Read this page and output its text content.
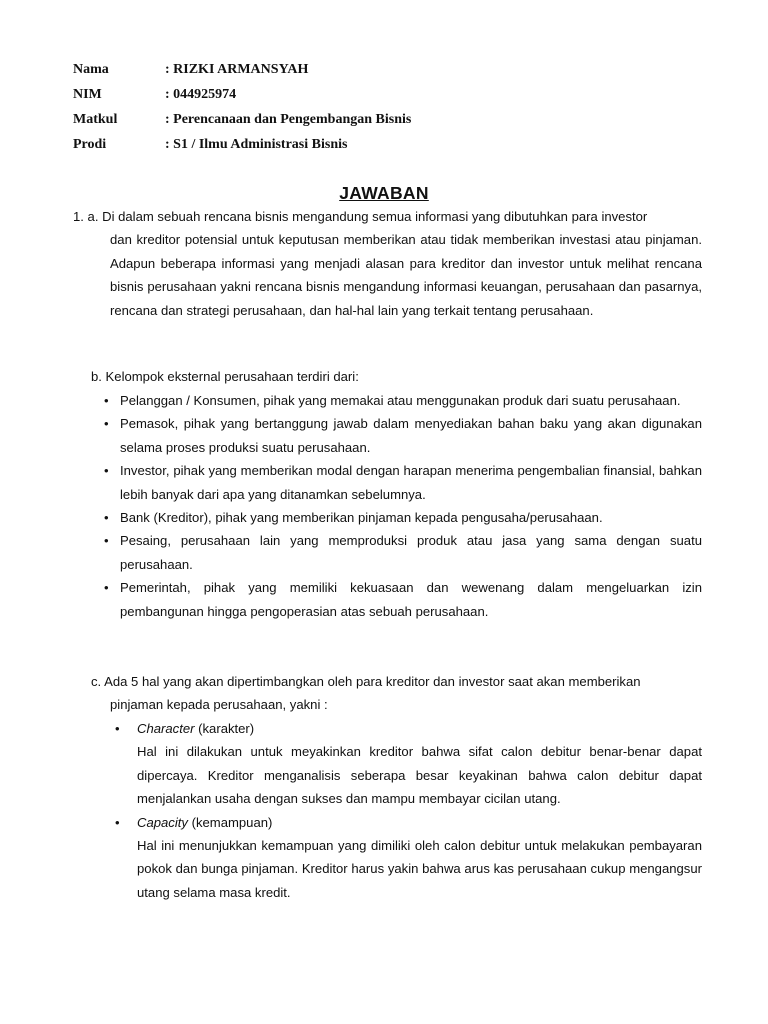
Nama	: RIZKI ARMANSYAH
NIM	: 044925974
Matkul	: Perencanaan dan Pengembangan Bisnis
Prodi	: S1 / Ilmu Administrasi Bisnis
JAWABAN
1. a. Di dalam sebuah rencana bisnis mengandung semua informasi yang dibutuhkan para investor
dan kreditor potensial untuk keputusan memberikan atau tidak memberikan investasi atau pinjaman. Adapun beberapa informasi yang menjadi alasan para kreditor dan investor untuk melihat rencana bisnis perusahaan yakni rencana bisnis mengandung informasi keuangan, perusahaan dan pasarnya, rencana dan strategi perusahaan, dan hal-hal lain yang terkait tentang perusahaan.
b. Kelompok eksternal perusahaan terdiri dari:
• Pelanggan / Konsumen, pihak yang memakai atau menggunakan produk dari suatu perusahaan.
• Pemasok, pihak yang bertanggung jawab dalam menyediakan bahan baku yang akan digunakan selama proses produksi suatu perusahaan.
• Investor, pihak yang memberikan modal dengan harapan menerima pengembalian finansial, bahkan lebih banyak dari apa yang ditanamkan sebelumnya.
• Bank (Kreditor), pihak yang memberikan pinjaman kepada pengusaha/perusahaan.
• Pesaing, perusahaan lain yang memproduksi produk atau jasa yang sama dengan suatu perusahaan.
• Pemerintah, pihak yang memiliki kekuasaan dan wewenang dalam mengeluarkan izin pembangunan hingga pengoperasian atas sebuah perusahaan.
c. Ada 5 hal yang akan dipertimbangkan oleh para kreditor dan investor saat akan memberikan
pinjaman kepada perusahaan, yakni :
• Character (karakter)
Hal ini dilakukan untuk meyakinkan kreditor bahwa sifat calon debitur benar-benar dapat dipercaya. Kreditor menganalisis seberapa besar keyakinan bahwa calon debitur dapat menjalankan usaha dengan sukses dan mampu membayar cicilan utang.
• Capacity (kemampuan)
Hal ini menunjukkan kemampuan yang dimiliki oleh calon debitur untuk melakukan pembayaran pokok dan bunga pinjaman. Kreditor harus yakin bahwa arus kas perusahaan cukup mengangsur utang selama masa kredit.
